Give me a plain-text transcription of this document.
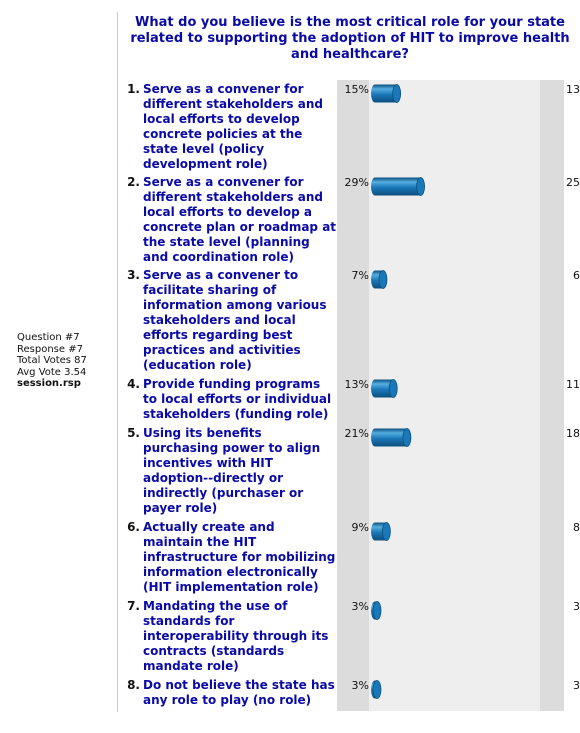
Question #7
Response #7
Total Votes 87
Avg Vote 3.54
session.rsp
What do you believe is the most critical role for your state related to supporting the adoption of HIT to improve health and healthcare?
1. Serve as a convener for different stakeholders and local efforts to develop concrete policies at the state level (policy development role)
15%	13
2. Serve as a convener for different stakeholders and local efforts to develop a concrete plan or roadmap at the state level (planning and coordination role)
29%	25
3. Serve as a convener to facilitate sharing of information among various stakeholders and local efforts regarding best practices and activities (education role)
7%	6
4. Provide funding programs to local efforts or individual stakeholders (funding role)
13%	11
5. Using its benefits purchasing power to align incentives with HIT adoption--directly or indirectly (purchaser or payer role)
21%	18
6. Actually create and maintain the HIT infrastructure for mobilizing information electronically (HIT implementation role)
9%	8
7. Mandating the use of standards for interoperability through its contracts (standards mandate role)
3%	3
8. Do not believe the state has any role to play (no role)
3%	3
